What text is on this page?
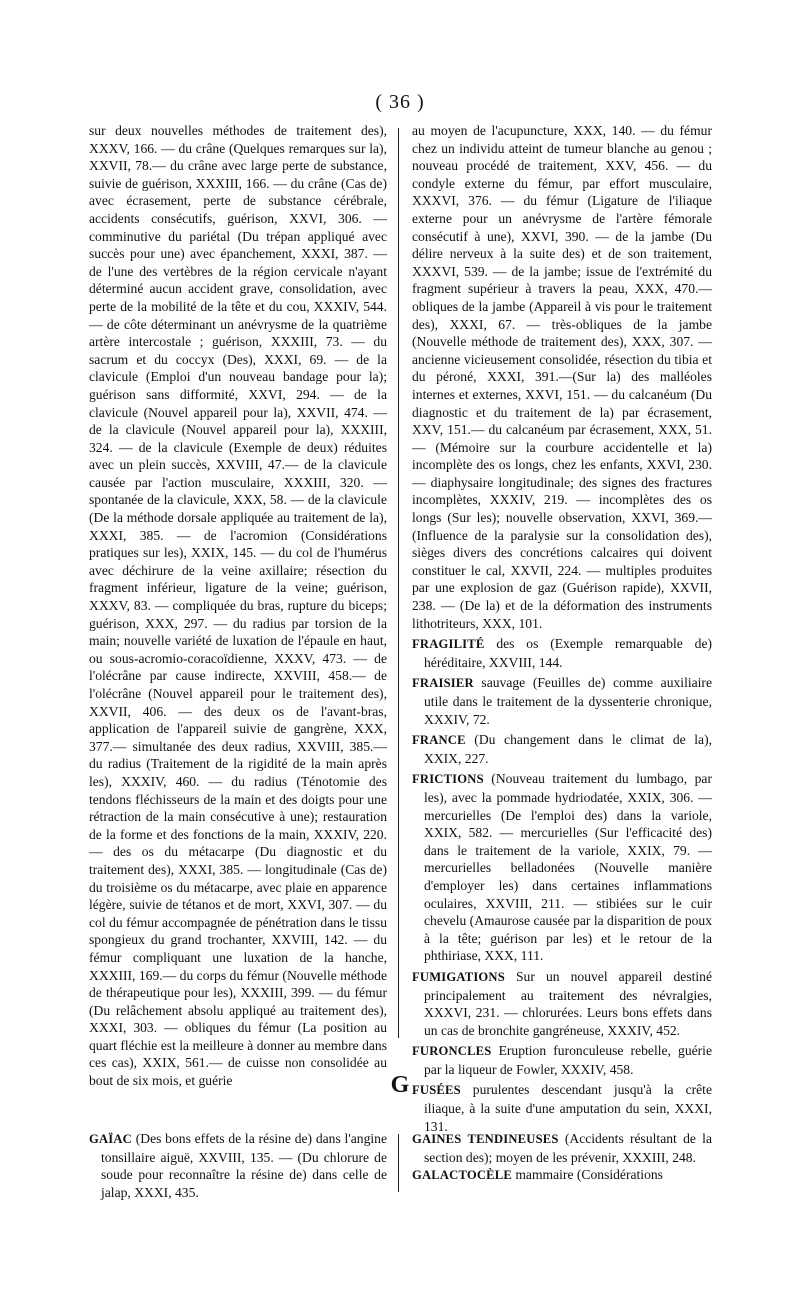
( 36 )

sur deux nouvelles méthodes de traitement des), XXXV, 166. — du crâne (Quelques remarques sur la), XXVII, 78.— du crâne avec large perte de substance, suivie de guérison, XXXIII, 166. — du crâne (Cas de) avec écrasement, perte de substance cérébrale, accidents consécutifs, guérison, XXVI, 306. — comminutive du pariétal (Du trépan appliqué avec succès pour une) avec épanchement, XXXI, 387. — de l'une des vertèbres de la région cervicale n'ayant déterminé aucun accident grave, consolidation, avec perte de la mobilité de la tête et du cou, XXXIV, 544. — de côte déterminant un anévrysme de la quatrième artère intercostale ; guérison, XXXIII, 73. — du sacrum et du coccyx (Des), XXXI, 69. — de la clavicule (Emploi d'un nouveau bandage pour la); guérison sans difformité, XXVI, 294. — de la clavicule (Nouvel appareil pour la), XXVII, 474. — de la clavicule (Nouvel appareil pour la), XXXIII, 324. — de la clavicule (Exemple de deux) réduites avec un plein succès, XXVIII, 47.— de la clavicule causée par l'action musculaire, XXXIII, 320. — spontanée de la clavicule, XXX, 58. — de la clavicule (De la méthode dorsale appliquée au traitement de la), XXXI, 385. — de l'acromion (Considérations pratiques sur les), XXIX, 145. — du col de l'humérus avec déchirure de la veine axillaire; résection du fragment inférieur, ligature de la veine; guérison, XXXV, 83. — compliquée du bras, rupture du biceps; guérison, XXX, 297. — du radius par torsion de la main; nouvelle variété de luxation de l'épaule en haut, ou sous-acromio-coracoïdienne, XXXV, 473. — de l'olécrâne par cause indirecte, XXVIII, 458.— de l'olécrâne (Nouvel appareil pour le traitement des), XXVII, 406. — des deux os de l'avant-bras, application de l'appareil suivie de gangrène, XXX, 377.— simultanée des deux radius, XXVIII, 385.— du radius (Traitement de la rigidité de la main après les), XXXIV, 460. — du radius (Ténotomie des tendons fléchisseurs de la main et des doigts pour une rétraction de la main consécutive à une); restauration de la forme et des fonctions de la main, XXXIV, 220. — des os du métacarpe (Du diagnostic et du traitement des), XXXI, 385. — longitudinale (Cas de) du troisième os du métacarpe, avec plaie en apparence légère, suivie de tétanos et de mort, XXVI, 307. — du col du fémur accompagnée de pénétration dans le tissu spongieux du grand trochanter, XXVIII, 142. — du fémur compliquant une luxation de la hanche, XXXIII, 169.— du corps du fémur (Nouvelle méthode de thérapeutique pour les), XXXIII, 399. — du fémur (Du relâchement absolu appliqué au traitement des), XXXI, 303. — obliques du fémur (La position au quart fléchie est la meilleure à donner au membre dans ces cas), XXIX, 561.— de cuisse non consolidée au bout de six mois, et guérie

au moyen de l'acupuncture, XXX, 140. — du fémur chez un individu atteint de tumeur blanche au genou ; nouveau procédé de traitement, XXV, 456. — du condyle externe du fémur, par effort musculaire, XXXVI, 376. — du fémur (Ligature de l'iliaque externe pour un anévrysme de l'artère fémorale consécutif à une), XXVI, 390. — de la jambe (Du délire nerveux à la suite des) et de son traitement, XXXVI, 539. — de la jambe; issue de l'extrémité du fragment supérieur à travers la peau, XXX, 470.— obliques de la jambe (Appareil à vis pour le traitement des), XXXI, 67. — très-obliques de la jambe (Nouvelle méthode de traitement des), XXX, 307. — ancienne vicieusement consolidée, résection du tibia et du péroné, XXXI, 391.—(Sur la) des malléoles internes et externes, XXVI, 151. — du calcanéum (Du diagnostic et du traitement de la) par écrasement, XXV, 151.— du calcanéum par écrasement, XXX, 51. — (Mémoire sur la courbure accidentelle et la) incomplète des os longs, chez les enfants, XXVI, 230. — diaphysaire longitudinale; des signes des fractures incomplètes, XXXIV, 219. — incomplètes des os longs (Sur les); nouvelle observation, XXVI, 369.— (Influence de la paralysie sur la consolidation des), sièges divers des concrétions calcaires qui doivent constituer le cal, XXVII, 224. — multiples produites par une explosion de gaz (Guérison rapide), XXVII, 238. — (De la) et de la déformation des instruments lithotriteurs, XXX, 101.

FRAGILITÉ des os (Exemple remarquable de) héréditaire, XXVIII, 144.

FRAISIER sauvage (Feuilles de) comme auxiliaire utile dans le traitement de la dyssenterie chronique, XXXIV, 72.

FRANCE (Du changement dans le climat de la), XXIX, 227.

FRICTIONS (Nouveau traitement du lumbago, par les), avec la pommade hydriodatée, XXIX, 306. — mercurielles (De l'emploi des) dans la variole, XXIX, 582. — mercurielles (Sur l'efficacité des) dans le traitement de la variole, XXIX, 79. — mercurielles belladonées (Nouvelle manière d'employer les) dans certaines inflammations oculaires, XXVIII, 211. — stibiées sur le cuir chevelu (Amaurose causée par la disparition de poux à la tête; guérison par les) et le retour de la phthiriase, XXX, 111.

FUMIGATIONS Sur un nouvel appareil destiné principalement au traitement des névralgies, XXXVI, 231. — chlorurées. Leurs bons effets dans un cas de bronchite gangréneuse, XXXIV, 452.

FURONCLES Eruption furonculeuse rebelle, guérie par la liqueur de Fowler, XXXIV, 458.

FUSÉES purulentes descendant jusqu'à la crête iliaque, à la suite d'une amputation du sein, XXXI, 131.

G

GAÏAC (Des bons effets de la résine de) dans l'angine tonsillaire aiguë, XXVIII, 135. — (Du chlorure de soude pour reconnaître la résine de) dans celle de jalap, XXXI, 435.

GAINES TENDINEUSES (Accidents résultant de la section des); moyen de les prévenir, XXXIII, 248.

GALACTOCÈLE mammaire (Considérations
